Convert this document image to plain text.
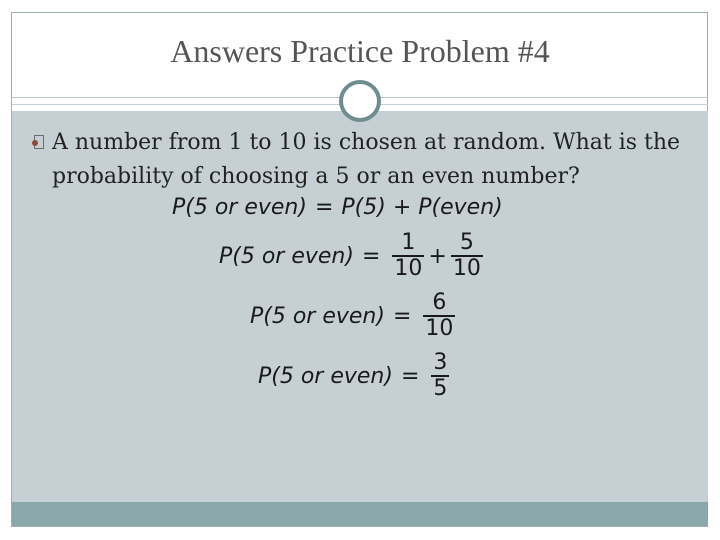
Answers Practice Problem #4
A number from 1 to 10 is chosen at random. What is the probability of choosing a 5 or an even number?
P(5 or even) = P(5) + P(even)
P(5 or even) = $\frac{1}{10} + \frac{5}{10}$
P(5 or even) = $\frac{6}{10}$
P(5 or even) = $\frac{3}{5}$
